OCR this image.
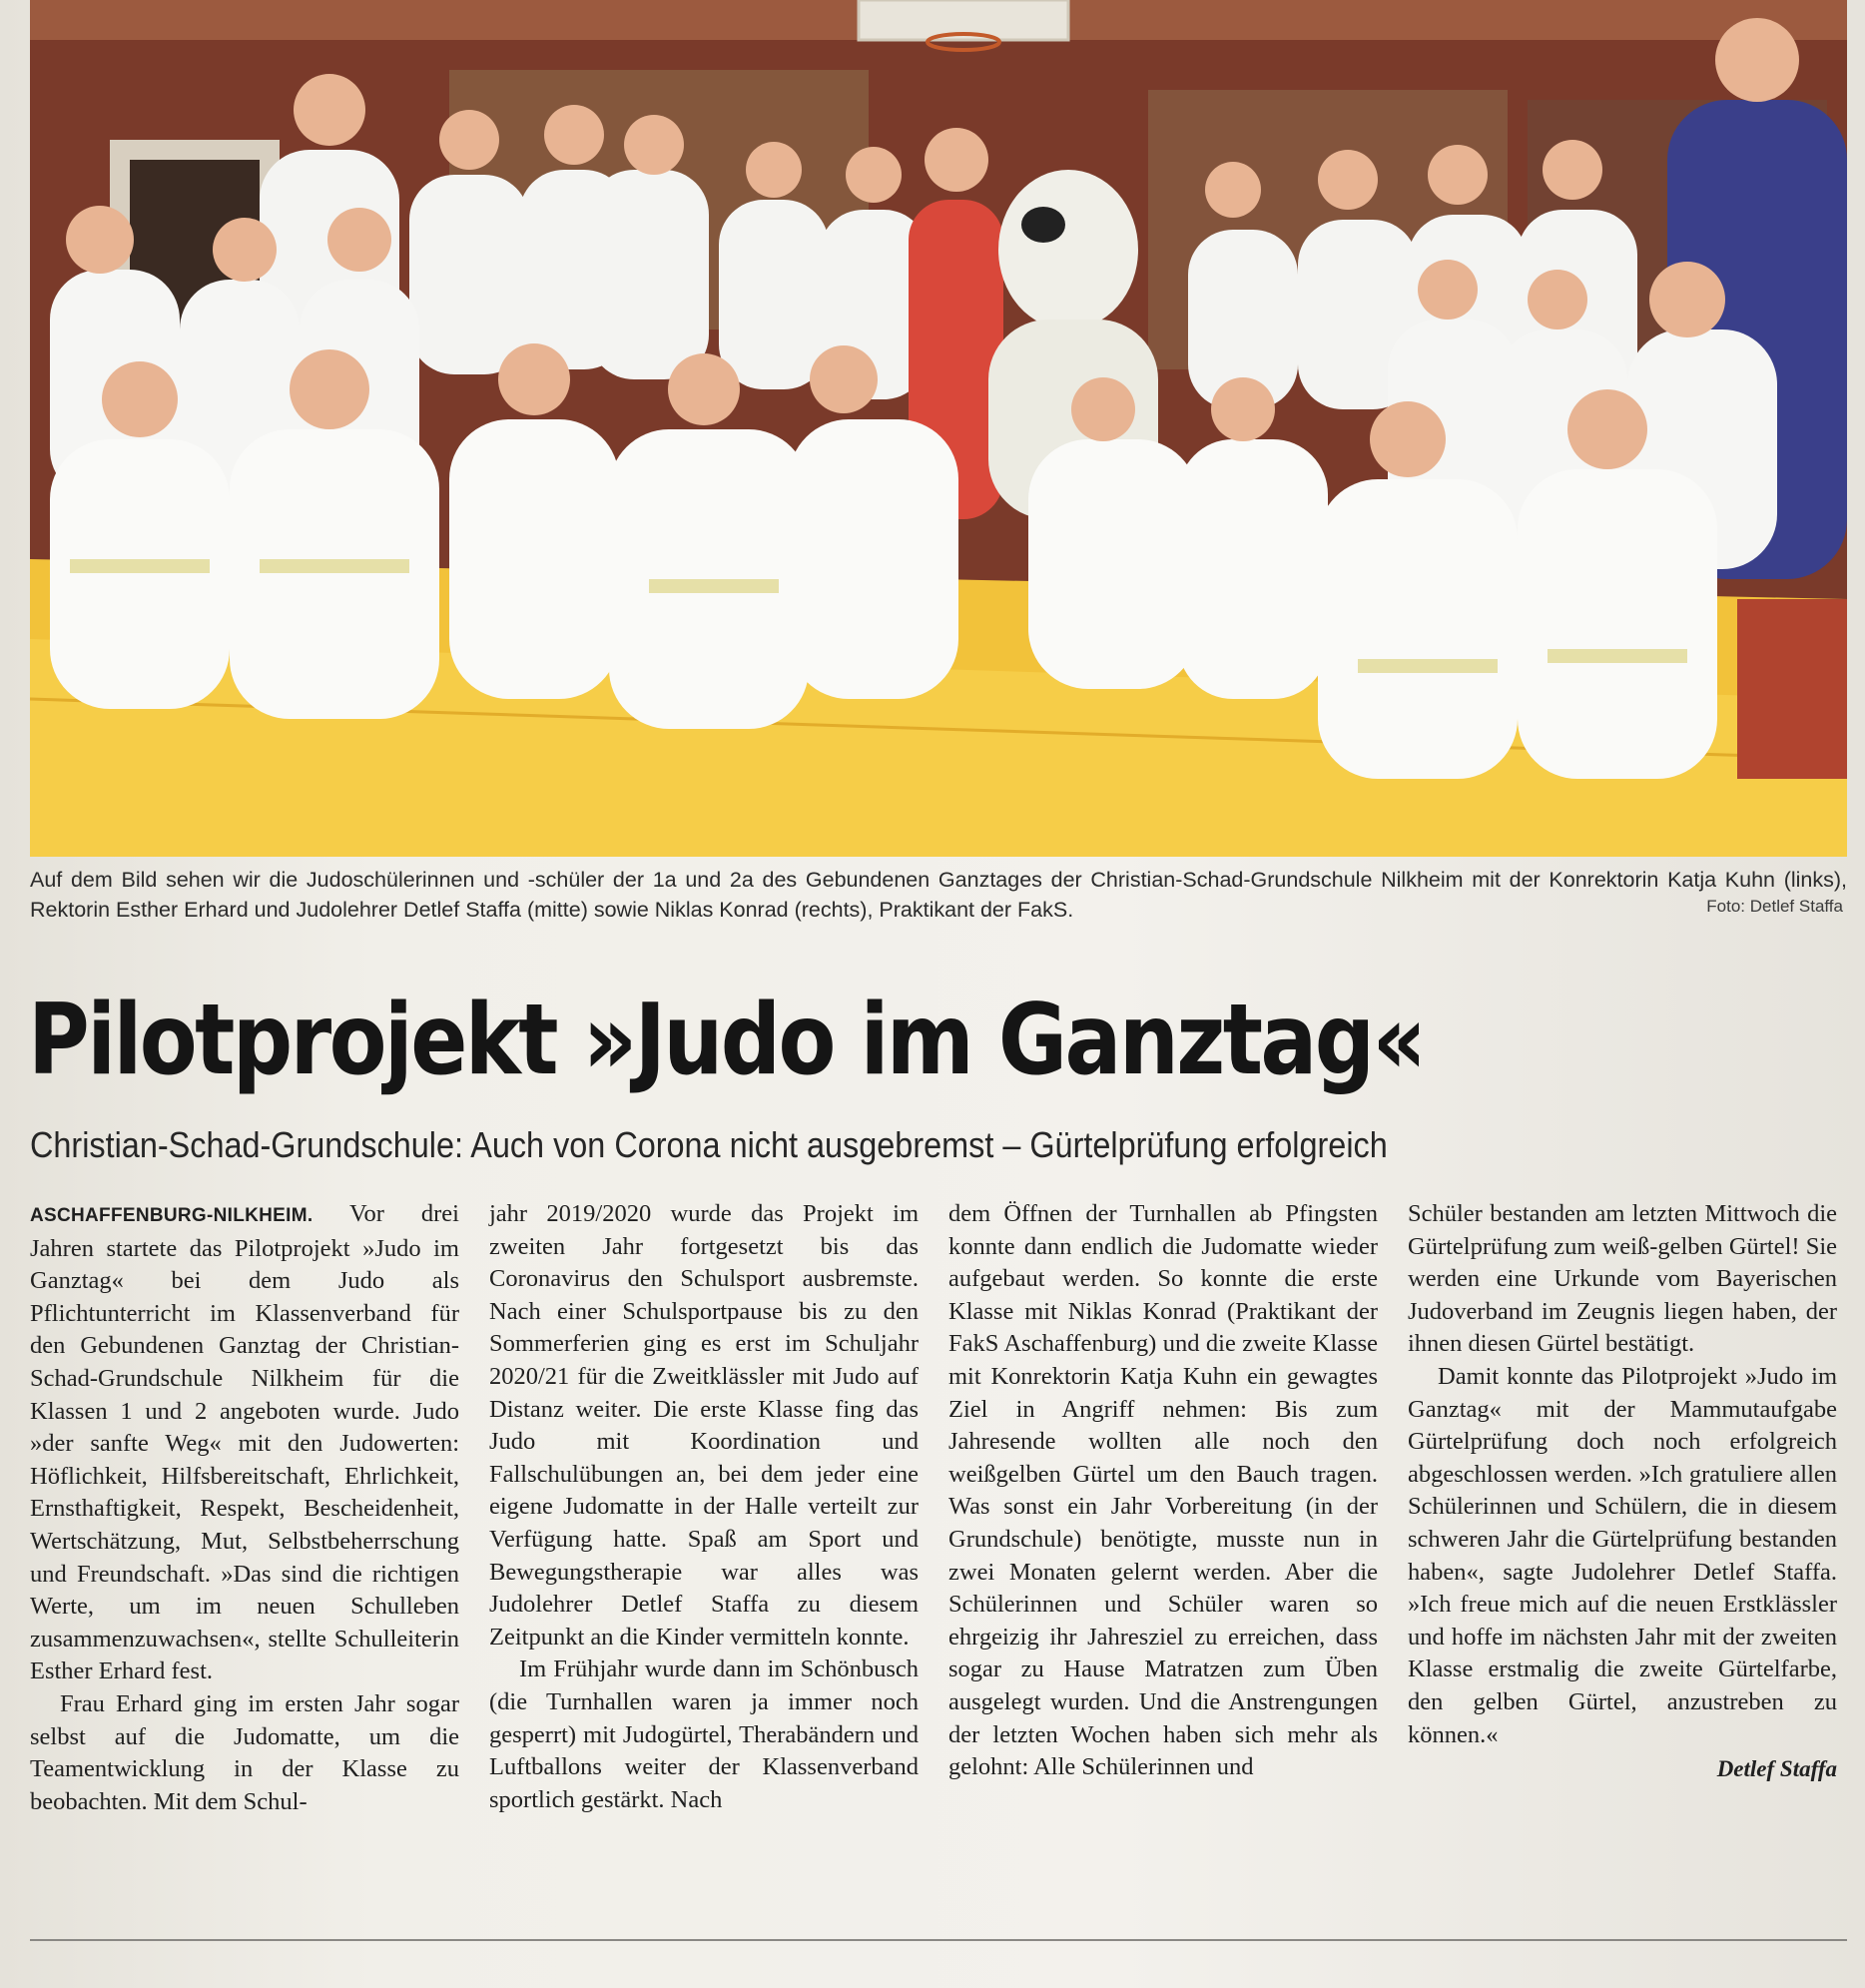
Auf dem Bild sehen wir die Judoschülerinnen und -schüler der 1a und 2a des Gebundenen Ganztages der Christian-Schad-Grundschule Nilkheim mit der Konrektorin Katja Kuhn (links), Rektorin Esther Erhard und Judolehrer Detlef Staffa (mitte) sowie Niklas Konrad (rechts), Praktikant der FakS.	Foto: Detlef Staffa
Pilotprojekt »Judo im Ganztag«
Christian-Schad-Grundschule: Auch von Corona nicht ausgebremst – Gürtelprüfung erfolgreich

ASCHAFFENBURG-NILKHEIM. Vor drei Jahren startete das Pilotprojekt »Judo im Ganztag« bei dem Judo als Pflichtunterricht im Klassenverband für den Gebundenen Ganztag der Christian-Schad-Grundschule Nilkheim für die Klassen 1 und 2 angeboten wurde. Judo »der sanfte Weg« mit den Judowerten: Höflichkeit, Hilfsbereitschaft, Ehrlichkeit, Ernsthaftigkeit, Respekt, Bescheidenheit, Wertschätzung, Mut, Selbstbeherrschung und Freundschaft. »Das sind die richtigen Werte, um im neuen Schulleben zusammenzuwachsen«, stellte Schulleiterin Esther Erhard fest.

Frau Erhard ging im ersten Jahr sogar selbst auf die Judomatte, um die Teamentwicklung in der Klasse zu beobachten. Mit dem Schul-

jahr 2019/2020 wurde das Projekt im zweiten Jahr fortgesetzt bis das Coronavirus den Schulsport ausbremste. Nach einer Schulsportpause bis zu den Sommerferien ging es erst im Schuljahr 2020/21 für die Zweitklässler mit Judo auf Distanz weiter. Die erste Klasse fing das Judo mit Koordination und Fallschulübungen an, bei dem jeder eine eigene Judomatte in der Halle verteilt zur Verfügung hatte. Spaß am Sport und Bewegungstherapie war alles was Judolehrer Detlef Staffa zu diesem Zeitpunkt an die Kinder vermitteln konnte.

Im Frühjahr wurde dann im Schönbusch (die Turnhallen waren ja immer noch gesperrt) mit Judogürtel, Therabändern und Luftballons weiter der Klassenverband sportlich gestärkt. Nach

dem Öffnen der Turnhallen ab Pfingsten konnte dann endlich die Judomatte wieder aufgebaut werden. So konnte die erste Klasse mit Niklas Konrad (Praktikant der FakS Aschaffenburg) und die zweite Klasse mit Konrektorin Katja Kuhn ein gewagtes Ziel in Angriff nehmen: Bis zum Jahresende wollten alle noch den weißgelben Gürtel um den Bauch tragen. Was sonst ein Jahr Vorbereitung (in der Grundschule) benötigte, musste nun in zwei Monaten gelernt werden. Aber die Schülerinnen und Schüler waren so ehrgeizig ihr Jahresziel zu erreichen, dass sogar zu Hause Matratzen zum Üben ausgelegt wurden. Und die Anstrengungen der letzten Wochen haben sich mehr als gelohnt: Alle Schülerinnen und

Schüler bestanden am letzten Mittwoch die Gürtelprüfung zum weiß-gelben Gürtel! Sie werden eine Urkunde vom Bayerischen Judoverband im Zeugnis liegen haben, der ihnen diesen Gürtel bestätigt.

Damit konnte das Pilotprojekt »Judo im Ganztag« mit der Mammutaufgabe Gürtelprüfung doch noch erfolgreich abgeschlossen werden. »Ich gratuliere allen Schülerinnen und Schülern, die in diesem schweren Jahr die Gürtelprüfung bestanden haben«, sagte Judolehrer Detlef Staffa. »Ich freue mich auf die neuen Erstklässler und hoffe im nächsten Jahr mit der zweiten Klasse erstmalig die zweite Gürtelfarbe, den gelben Gürtel, anzustreben zu können.«

Detlef Staffa
